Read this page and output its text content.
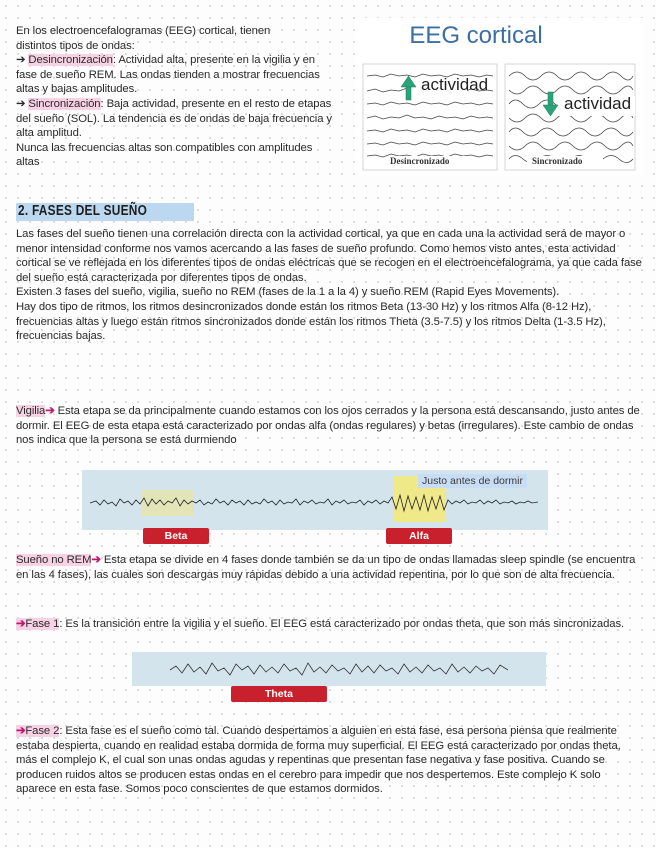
En los electroencefalogramas (EEG) cortical, tienen
distintos tipos de ondas:
➔ Desincronización: Actividad alta, presente en la vigilia y en fase de sueño REM. Las ondas tienden a mostrar frecuencias altas y bajas amplitudes.
➔ Sincronización: Baja actividad, presente en el resto de etapas del sueño (SOL). La tendencia es de ondas de baja frecuencia y alta amplitud.
Nunca las frecuencias altas son compatibles con amplitudes altas
EEG cortical
actividad
actividad
Desincronizado	Sincronizado
2. FASES DEL SUEÑO
Las fases del sueño tienen una correlación directa con la actividad cortical, ya que en cada una la actividad será de mayor o menor intensidad conforme nos vamos acercando a las fases de sueño profundo. Como hemos visto antes, esta actividad cortical se ve reflejada en los diferentes tipos de ondas eléctricas que se recogen en el electroencefalograma, ya que cada fase del sueño está caracterizada por diferentes tipos de ondas.
Existen 3 fases del sueño, vigilia, sueño no REM (fases de la 1 a la 4) y sueño REM (Rapid Eyes Movements).
Hay dos tipo de ritmos, los ritmos desincronizados donde están los ritmos Beta (13-30 Hz) y los ritmos Alfa (8-12 Hz), frecuencias altas y luego están ritmos sincronizados donde están los ritmos Theta (3.5-7.5) y los ritmos Delta (1-3.5 Hz), frecuencias bajas.
Vigilia➔ Esta etapa se da principalmente cuando estamos con los ojos cerrados y la persona está descansando, justo antes de dormir. El EEG de esta etapa está caracterizado por ondas alfa (ondas regulares) y betas (irregulares). Este cambio de ondas nos indica que la persona se está durmiendo
Justo antes de dormir
Beta	Alfa
Sueño no REM➔ Esta etapa se divide en 4 fases donde también se da un tipo de ondas llamadas sleep spindle (se encuentra en las 4 fases), las cuales son descargas muy rápidas debido a una actividad repentina, por lo que son de alta frecuencia.
➔Fase 1: Es la transición entre la vigilia y el sueño. El EEG está caracterizado por ondas theta, que son más sincronizadas.
Theta
➔Fase 2: Esta fase es el sueño como tal. Cuando despertamos a alguien en esta fase, esa persona piensa que realmente estaba despierta, cuando en realidad estaba dormida de forma muy superficial. El EEG está caracterizado por ondas theta, más el complejo K, el cual son unas ondas agudas y repentinas que presentan fase negativa y fase positiva. Cuando se producen ruidos altos se producen estas ondas en el cerebro para impedir que nos despertemos. Este complejo K solo aparece en esta fase. Somos poco conscientes de que estamos dormidos.
